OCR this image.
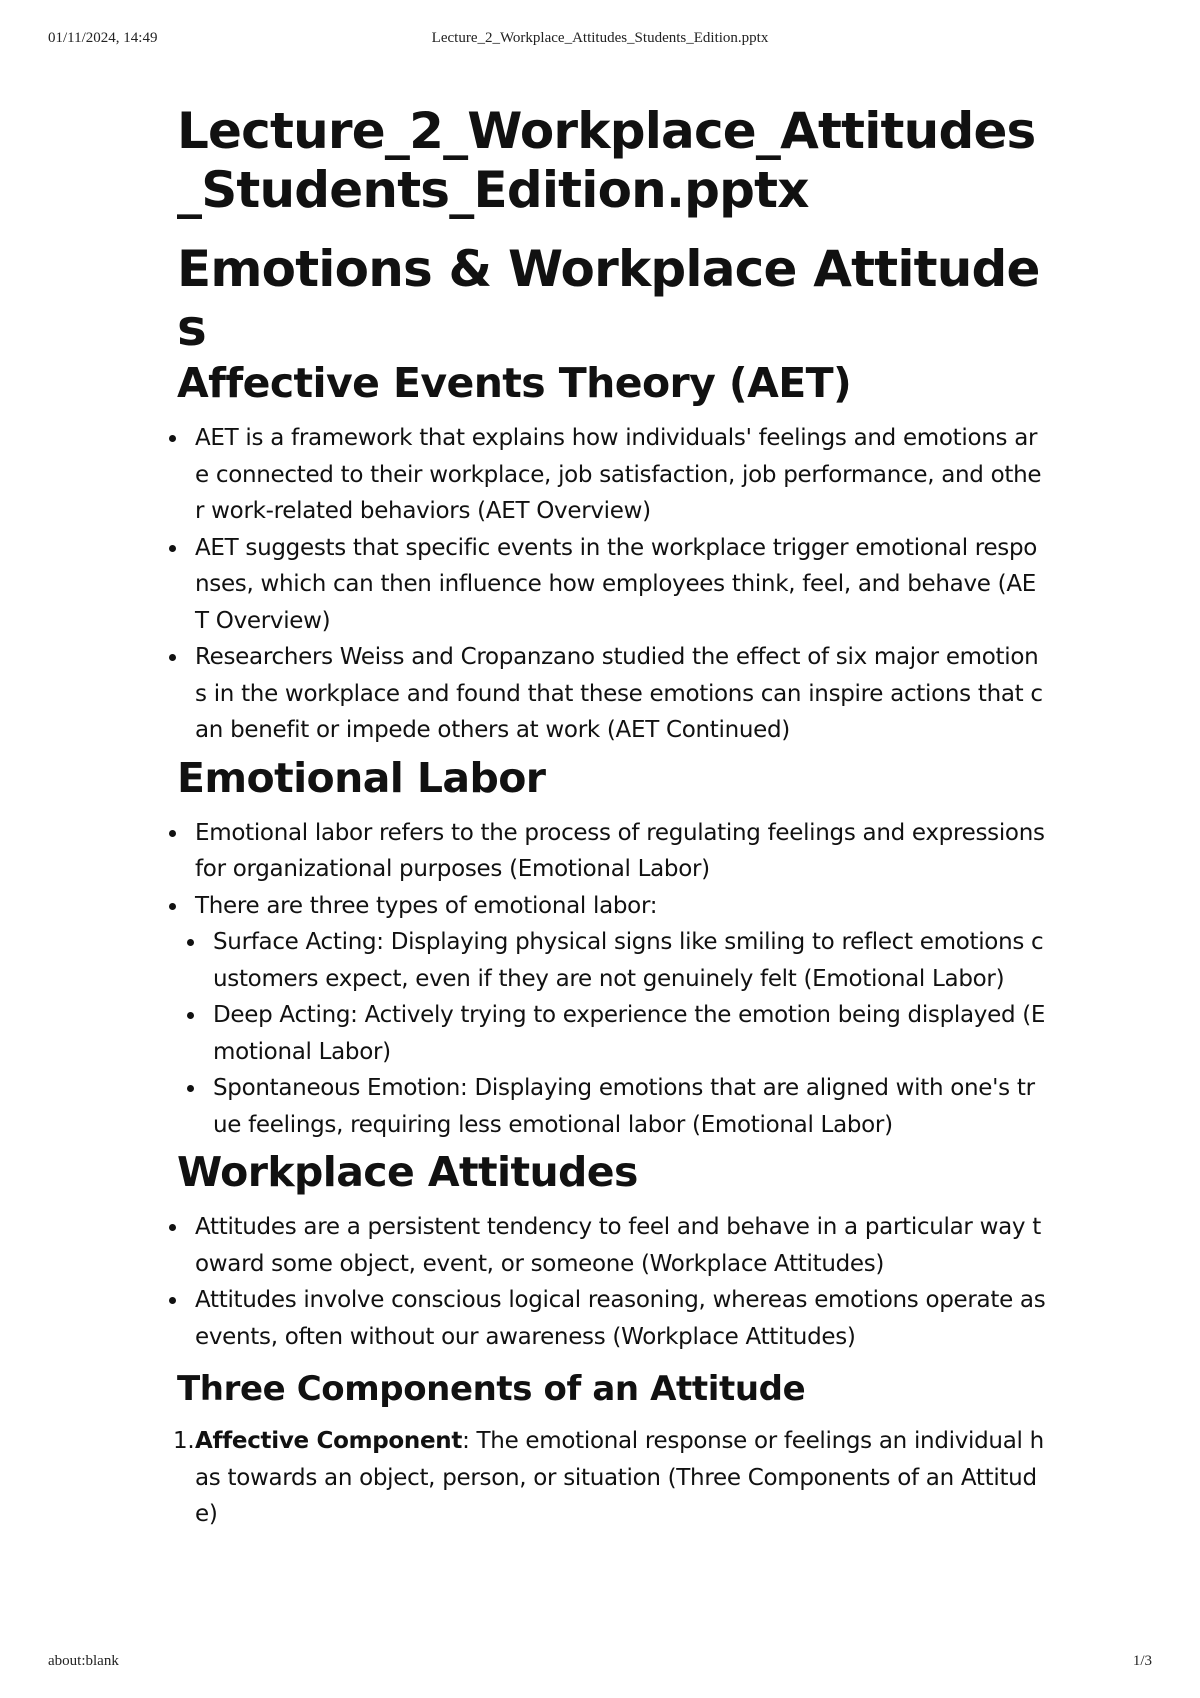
Lecture_2_Workplace_Attitudes_Students_Edition.pptx
01/11/2024, 14:49
Lecture_2_Workplace_Attitudes_Students_Edition.pptx
Emotions & Workplace Attitudes
Affective Events Theory (AET)
AET is a framework that explains how individuals' feelings and emotions are connected to their workplace, job satisfaction, job performance, and other work-related behaviors (AET Overview)
AET suggests that specific events in the workplace trigger emotional responses, which can then influence how employees think, feel, and behave (AET Overview)
Researchers Weiss and Cropanzano studied the effect of six major emotions in the workplace and found that these emotions can inspire actions that can benefit or impede others at work (AET Continued)
Emotional Labor
Emotional labor refers to the process of regulating feelings and expressions for organizational purposes (Emotional Labor)
There are three types of emotional labor:
Surface Acting: Displaying physical signs like smiling to reflect emotions customers expect, even if they are not genuinely felt (Emotional Labor)
Deep Acting: Actively trying to experience the emotion being displayed (Emotional Labor)
Spontaneous Emotion: Displaying emotions that are aligned with one's true feelings, requiring less emotional labor (Emotional Labor)
Workplace Attitudes
Attitudes are a persistent tendency to feel and behave in a particular way toward some object, event, or someone (Workplace Attitudes)
Attitudes involve conscious logical reasoning, whereas emotions operate as events, often without our awareness (Workplace Attitudes)
Three Components of an Attitude
1. Affective Component: The emotional response or feelings an individual has towards an object, person, or situation (Three Components of an Attitude)
about:blank	1/3
